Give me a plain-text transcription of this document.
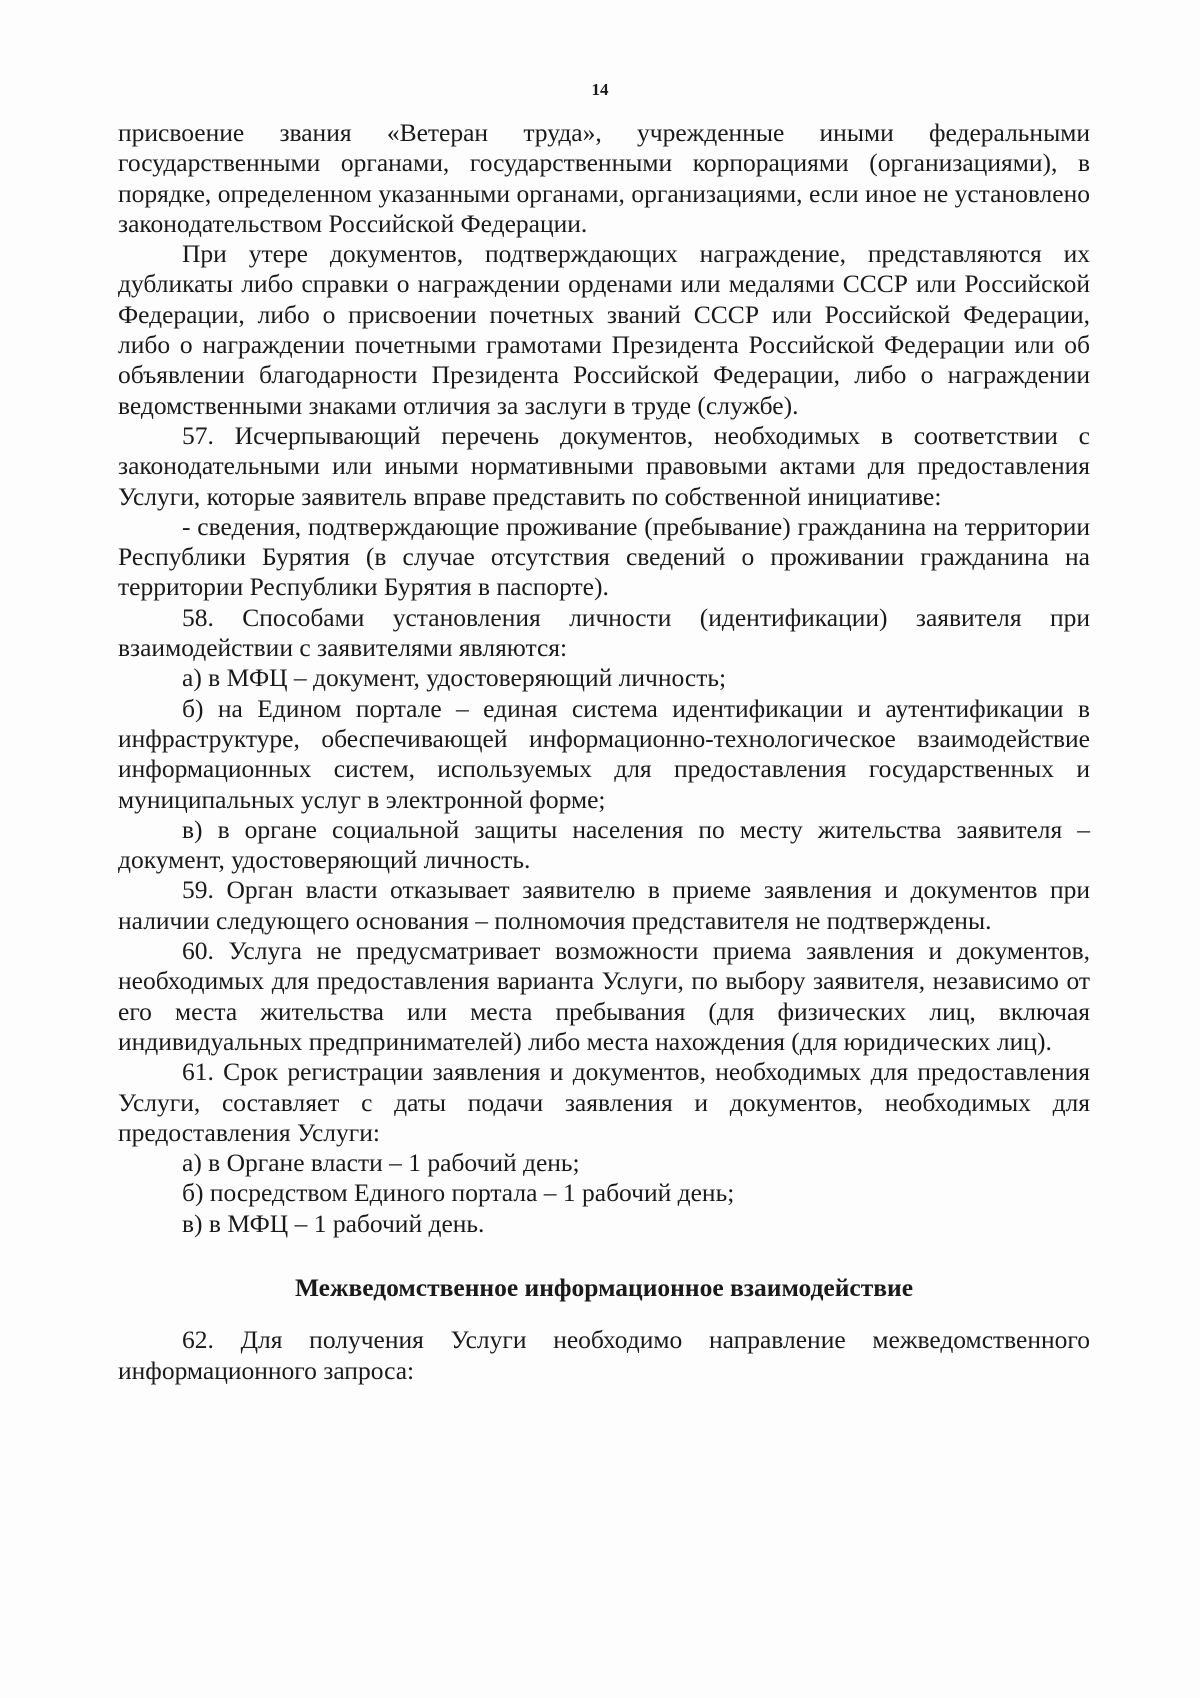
14

присвоение звания «Ветеран труда», учрежденные иными федеральными государственными органами, государственными корпорациями (организациями), в порядке, определенном указанными органами, организациями, если иное не установлено законодательством Российской Федерации.

При утере документов, подтверждающих награждение, представляются их дубликаты либо справки о награждении орденами или медалями СССР или Российской Федерации, либо о присвоении почетных званий СССР или Российской Федерации, либо о награждении почетными грамотами Президента Российской Федерации или об объявлении благодарности Президента Российской Федерации, либо о награждении ведомственными знаками отличия за заслуги в труде (службе).

57. Исчерпывающий перечень документов, необходимых в соответствии с законодательными или иными нормативными правовыми актами для предоставления Услуги, которые заявитель вправе представить по собственной инициативе:

- сведения, подтверждающие проживание (пребывание) гражданина на территории Республики Бурятия (в случае отсутствия сведений о проживании гражданина на территории Республики Бурятия в паспорте).

58. Способами установления личности (идентификации) заявителя при взаимодействии с заявителями являются:

а) в МФЦ – документ, удостоверяющий личность;

б) на Едином портале – единая система идентификации и аутентификации в инфраструктуре, обеспечивающей информационно-технологическое взаимодействие информационных систем, используемых для предоставления государственных и муниципальных услуг в электронной форме;

в) в органе социальной защиты населения по месту жительства заявителя – документ, удостоверяющий личность.

59. Орган власти отказывает заявителю в приеме заявления и документов при наличии следующего основания – полномочия представителя не подтверждены.

60. Услуга не предусматривает возможности приема заявления и документов, необходимых для предоставления варианта Услуги, по выбору заявителя, независимо от его места жительства или места пребывания (для физических лиц, включая индивидуальных предпринимателей) либо места нахождения (для юридических лиц).

61. Срок регистрации заявления и документов, необходимых для предоставления Услуги, составляет с даты подачи заявления и документов, необходимых для предоставления Услуги:

а) в Органе власти – 1 рабочий день;

б) посредством Единого портала – 1 рабочий день;

в) в МФЦ – 1 рабочий день.

Межведомственное информационное взаимодействие

62. Для получения Услуги необходимо направление межведомственного информационного запроса:
